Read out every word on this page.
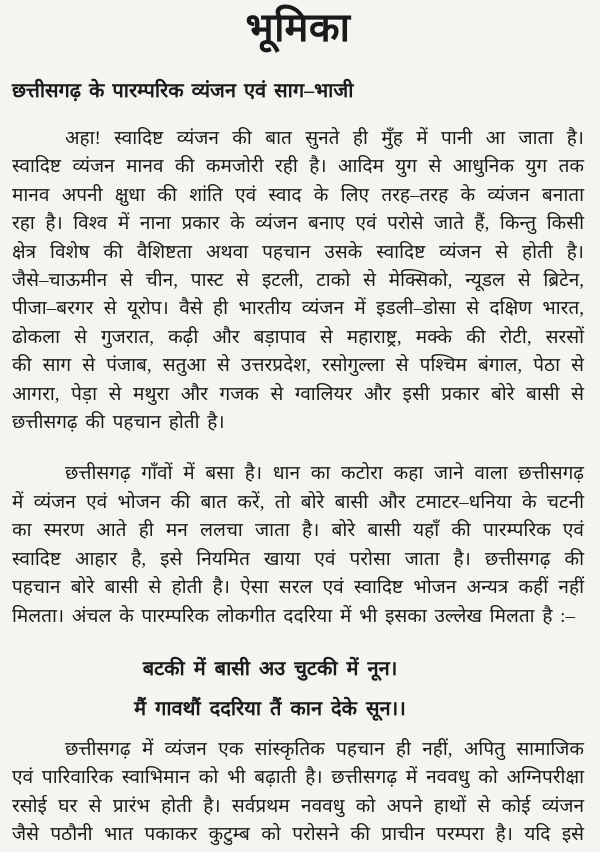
भूमिका
छत्तीसगढ़ के पारम्परिक व्यंजन एवं साग–भाजी
अहा! स्वादिष्ट व्यंजन की बात सुनते ही मुँह में पानी आ जाता है।
स्वादिष्ट व्यंजन मानव की कमजोरी रही है। आदिम युग से आधुनिक युग तक
मानव अपनी क्षुधा की शांति एवं स्वाद के लिए तरह–तरह के व्यंजन बनाता
रहा है। विश्व में नाना प्रकार के व्यंजन बनाए एवं परोसे जाते हैं, किन्तु किसी
क्षेत्र विशेष की वैशिष्टता अथवा पहचान उसके स्वादिष्ट व्यंजन से होती है।
जैसे–चाऊमीन से चीन, पास्ट से इटली, टाको से मेक्सिको, न्यूडल से ब्रिटेन,
पीजा–बरगर से यूरोप। वैसे ही भारतीय व्यंजन में इडली–डोसा से दक्षिण भारत,
ढोकला से गुजरात, कढ़ी और बड़ापाव से महाराष्ट्र, मक्के की रोटी, सरसों
की साग से पंजाब, सतुआ से उत्तरप्रदेश, रसोगुल्ला से पश्चिम बंगाल, पेठा से
आगरा, पेड़ा से मथुरा और गजक से ग्वालियर और इसी प्रकार बोरे बासी से
छत्तीसगढ़ की पहचान होती है।
छत्तीसगढ़ गाँवों में बसा है। धान का कटोरा कहा जाने वाला छत्तीसगढ़
में व्यंजन एवं भोजन की बात करें, तो बोरे बासी और टमाटर–धनिया के चटनी
का स्मरण आते ही मन ललचा जाता है। बोरे बासी यहाँ की पारम्परिक एवं
स्वादिष्ट आहार है, इसे नियमित खाया एवं परोसा जाता है। छत्तीसगढ़ की
पहचान बोरे बासी से होती है। ऐसा सरल एवं स्वादिष्ट भोजन अन्यत्र कहीं नहीं
मिलता। अंचल के पारम्परिक लोकगीत ददरिया में भी इसका उल्लेख मिलता है :–
बटकी में बासी अउ चुटकी में नून।
मैं गावथौं ददरिया तैं कान देके सून।।
छत्तीसगढ़ में व्यंजन एक सांस्कृतिक पहचान ही नहीं, अपितु सामाजिक
एवं पारिवारिक स्वाभिमान को भी बढ़ाती है। छत्तीसगढ़ में नववधु को अग्निपरीक्षा
रसोई घर से प्रारंभ होती है। सर्वप्रथम नववधु को अपने हाथों से कोई व्यंजन
जैसे पठौनी भात पकाकर कुटुम्ब को परोसने की प्राचीन परम्परा है। यदि इसे
